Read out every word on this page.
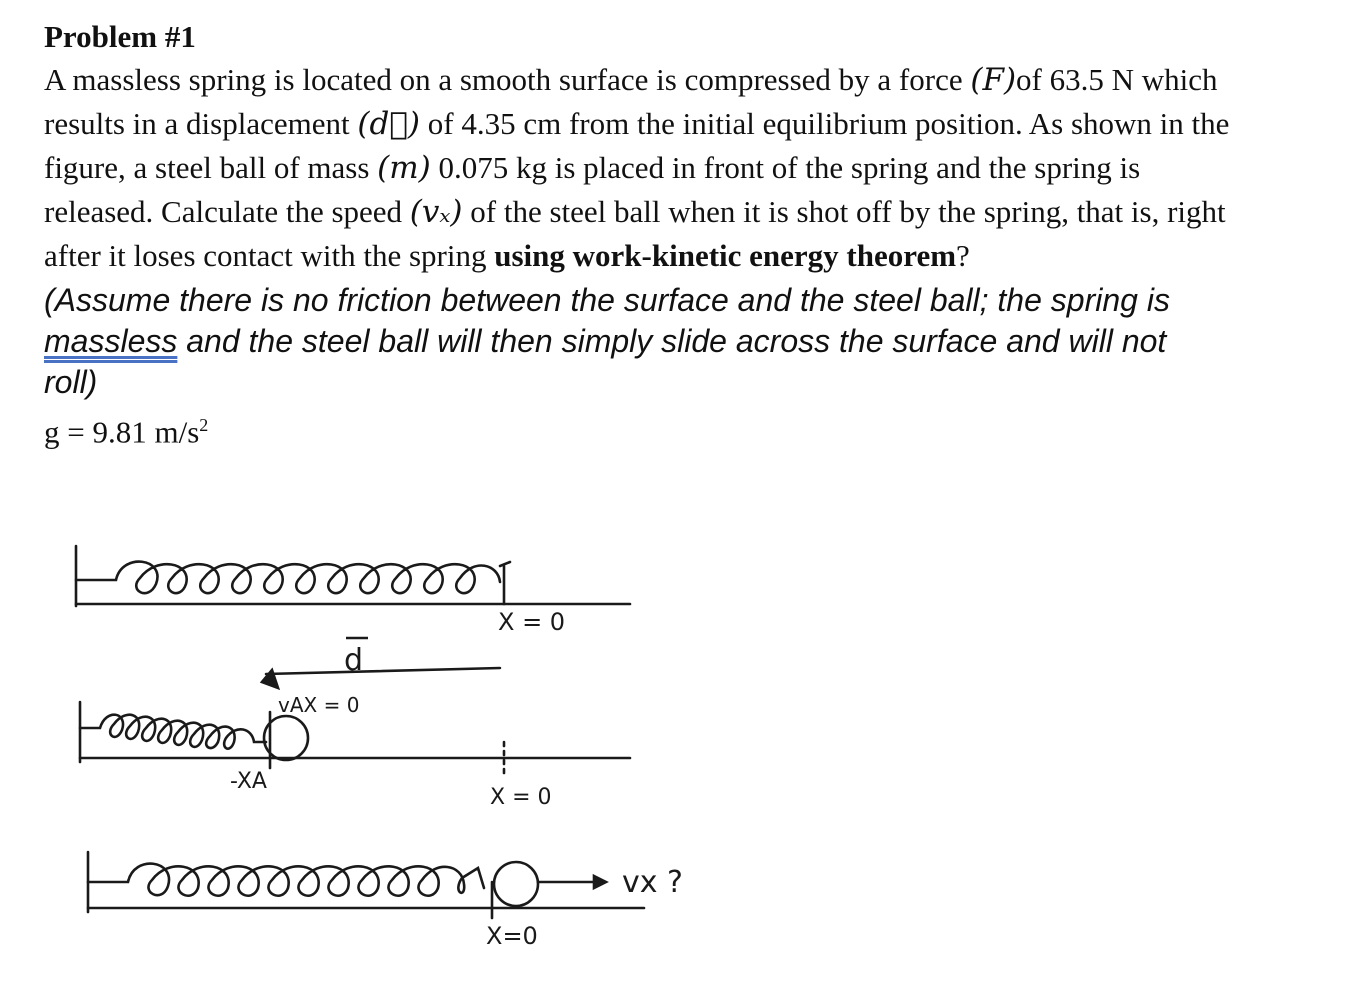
Problem #1

A massless spring is located on a smooth surface is compressed by a force (F)of 63.5 N which results in a displacement (d⃗) of 4.35 cm from the initial equilibrium position. As shown in the figure, a steel ball of mass (m) 0.075 kg is placed in front of the spring and the spring is released. Calculate the speed (vₓ) of the steel ball when it is shot off by the spring, that is, right after it loses contact with the spring using work-kinetic energy theorem?

(Assume there is no friction between the surface and the steel ball; the spring is massless and the steel ball will then simply slide across the surface and will not roll)

g = 9.81 $m/s^2$

X = 0
d
vAX = 0
-XA
X = 0
vx ?
X=0
